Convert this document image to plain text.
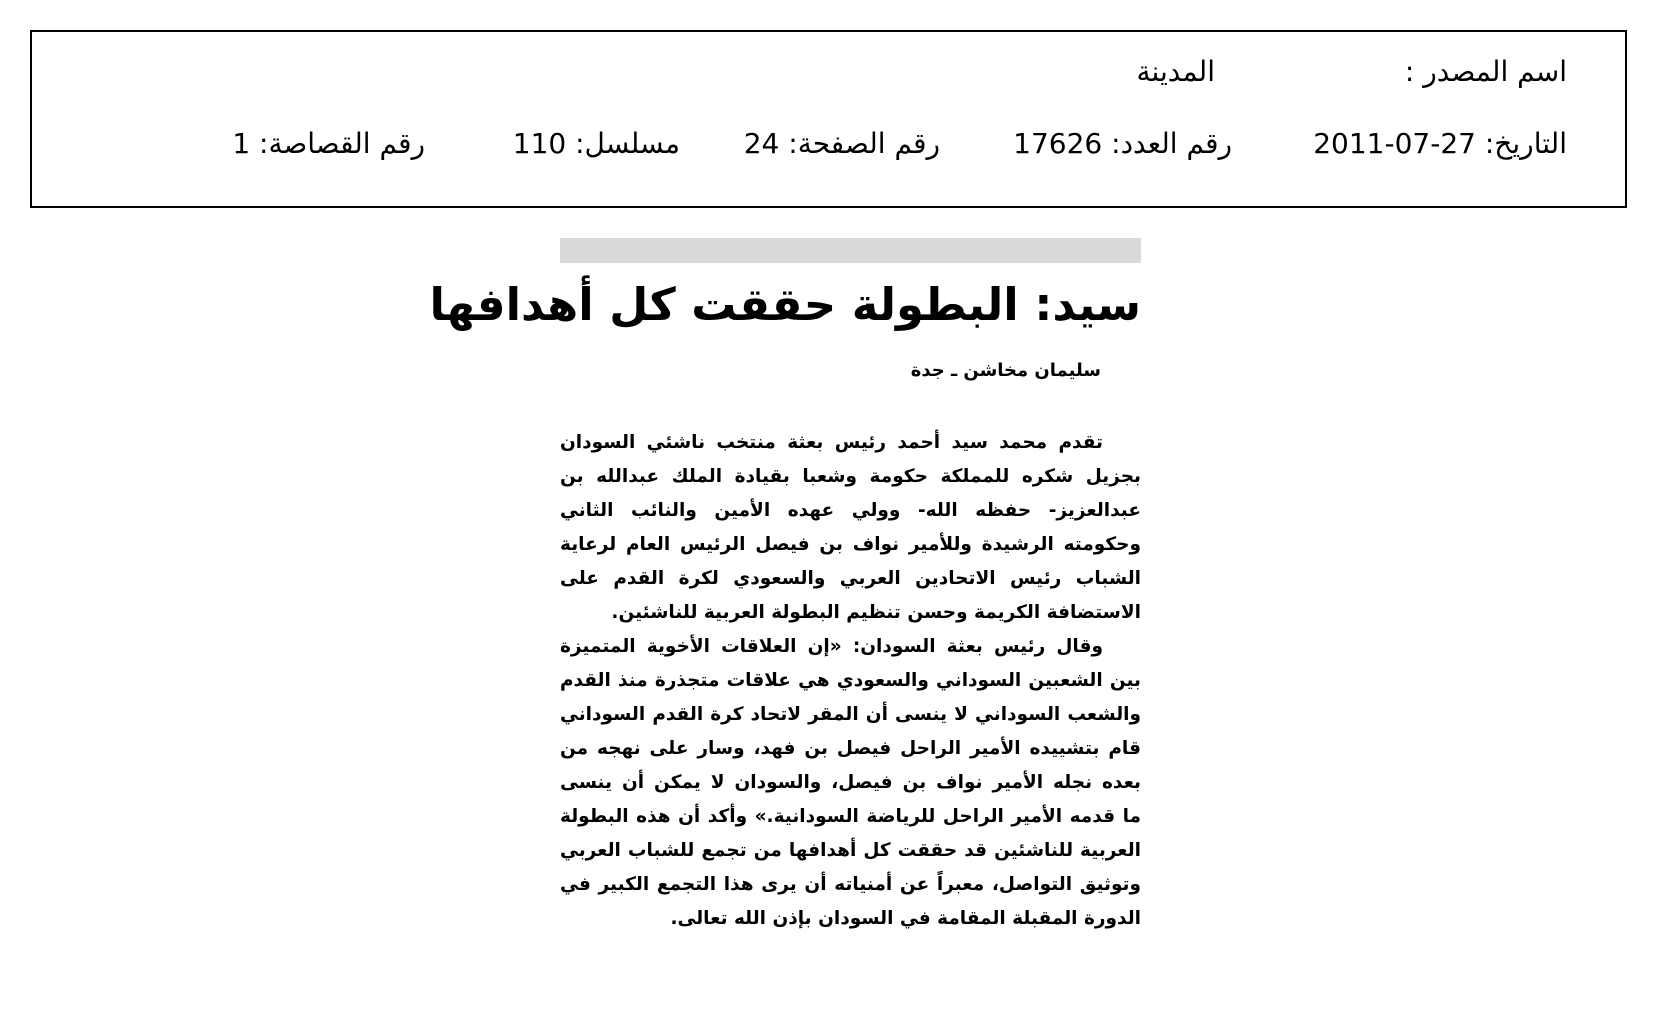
اسم المصدر :
المدينة
التاريخ: 2011-07-27
رقم العدد: 17626
رقم الصفحة: 24
مسلسل: 110
رقم القصاصة: 1
سيد: البطولة حققت كل أهدافها
سليمان مخاشن ـ جدة
تقدم محمد سيد أحمد رئيس بعثة منتخب ناشئي السودان
بجزيل شكره للمملكة حكومة وشعبا بقيادة الملك عبدالله بن
عبدالعزيز- حفظه الله- وولي عهده الأمين والنائب الثاني
وحكومته الرشيدة وللأمير نواف بن فيصل الرئيس العام لرعاية
الشباب رئيس الاتحادين العربي والسعودي لكرة القدم على
الاستضافة الكريمة وحسن تنظيم البطولة العربية للناشئين.
وقال رئيس بعثة السودان: «إن العلاقات الأخوية المتميزة
بين الشعبين السوداني والسعودي هي علاقات متجذرة منذ القدم
والشعب السوداني لا ينسى أن المقر لاتحاد كرة القدم السوداني
قام بتشييده الأمير الراحل فيصل بن فهد، وسار على نهجه من
بعده نجله الأمير نواف بن فيصل، والسودان لا يمكن أن ينسى
ما قدمه الأمير الراحل للرياضة السودانية.» وأكد أن هذه البطولة
العربية للناشئين قد حققت كل أهدافها من تجمع للشباب العربي
وتوثيق التواصل، معبراً عن أمنياته أن يرى هذا التجمع الكبير في
الدورة المقبلة المقامة في السودان بإذن الله تعالى.
